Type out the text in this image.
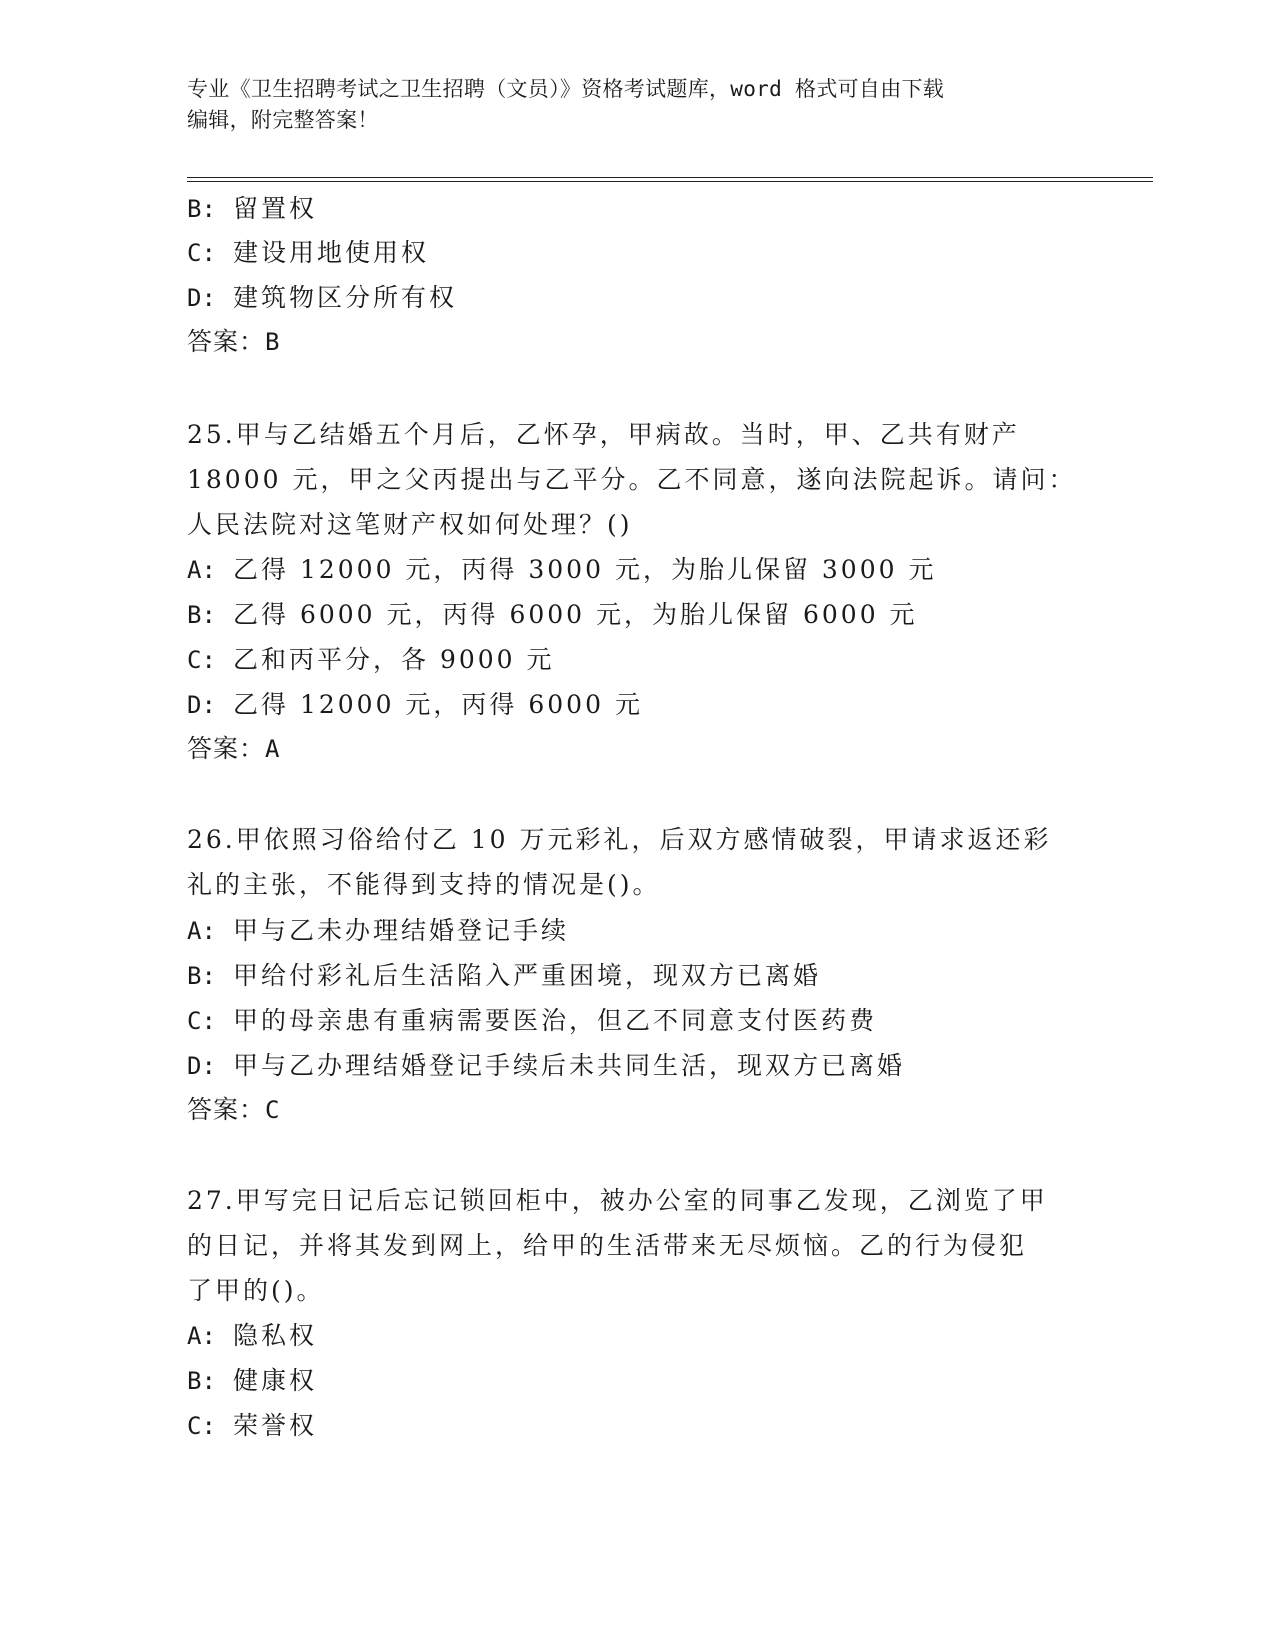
专业《卫生招聘考试之卫生招聘（文员）》资格考试题库，word 格式可自由下载
编辑，附完整答案！
B: 留置权
C: 建设用地使用权
D: 建筑物区分所有权
答案：B
25.甲与乙结婚五个月后，乙怀孕，甲病故。当时，甲、乙共有财产
18000 元，甲之父丙提出与乙平分。乙不同意，遂向法院起诉。请问：
人民法院对这笔财产权如何处理？()
A: 乙得 12000 元，丙得 3000 元，为胎儿保留 3000 元
B: 乙得 6000 元，丙得 6000 元，为胎儿保留 6000 元
C: 乙和丙平分，各 9000 元
D: 乙得 12000 元，丙得 6000 元
答案：A
26.甲依照习俗给付乙 10 万元彩礼，后双方感情破裂，甲请求返还彩
礼的主张，不能得到支持的情况是()。
A: 甲与乙未办理结婚登记手续
B: 甲给付彩礼后生活陷入严重困境，现双方已离婚
C: 甲的母亲患有重病需要医治，但乙不同意支付医药费
D: 甲与乙办理结婚登记手续后未共同生活，现双方已离婚
答案：C
27.甲写完日记后忘记锁回柜中，被办公室的同事乙发现，乙浏览了甲
的日记，并将其发到网上，给甲的生活带来无尽烦恼。乙的行为侵犯
了甲的()。
A: 隐私权
B: 健康权
C: 荣誉权
